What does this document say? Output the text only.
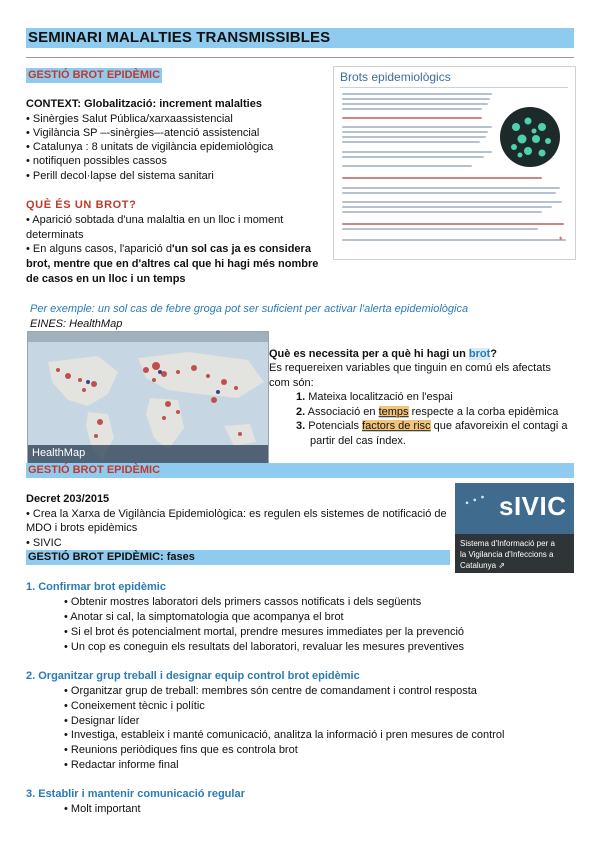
SEMINARI MALALTIES TRANSMISSIBLES
GESTIÓ BROT EPIDÈMIC
CONTEXT: Globalització: increment malalties
• Sinèrgies Salut Pública/xarxaassistencial
• Vigilància SP –-sinèrgies–-atenció assistencial
• Catalunya : 8 unitats de vigilància epidemiològica
• notifiquen possibles cassos
• Perill decol·lapse del sistema sanitari
QUÈ ÉS UN BROT?
• Aparició sobtada d'una malaltia en un lloc i moment
determinats
• En alguns casos, l'aparició d'un sol cas ja es considera
brot, mentre que en d'altres cal que hi hagi més nombre
de casos en un lloc i un temps
Brots epidemiològics
*
Per exemple: un sol cas de febre groga pot ser suficient per activar l'alerta epidemiològica
EINES: HealthMap
HealthMap
Què es necessita per a què hi hagi un brot?
Es requereixen variables que tinguin en comú els afectats
com són:
1. Mateixa localització en l'espai
2. Associació en temps respecte a la corba epidèmica
3. Potencials factors de risc que afavoreixin el contagi a
partir del cas índex.
GESTIÓ BROT EPIDÈMIC
Decret 203/2015
• Crea la Xarxa de Vigilància Epidemiològica: es regulen els sistemes de notificació de
MDO i brots epidèmics
• SIVIC
• • • sIVIC
Sistema d'Informació per a
la Vigilancia d'Infeccions a
Catalunya ⇗
GESTIÓ BROT EPIDÈMIC: fases
1. Confirmar brot epidèmic
• Obtenir mostres laboratori dels primers cassos notificats i dels següents
• Anotar si cal, la simptomatologia que acompanya el brot
• Si el brot és potencialment mortal, prendre mesures immediates per la prevenció
• Un cop es coneguin els resultats del laboratori, revaluar les mesures preventives
2. Organitzar grup treball i designar equip control brot epidèmic
• Organitzar grup de treball: membres són centre de comandament i control resposta
• Coneixement tècnic i polític
• Designar líder
• Investiga, estableix i manté comunicació, analitza la informació i pren mesures de control
• Reunions periòdiques fins que es controla brot
• Redactar informe final
3. Establir i mantenir comunicació regular
• Molt important
